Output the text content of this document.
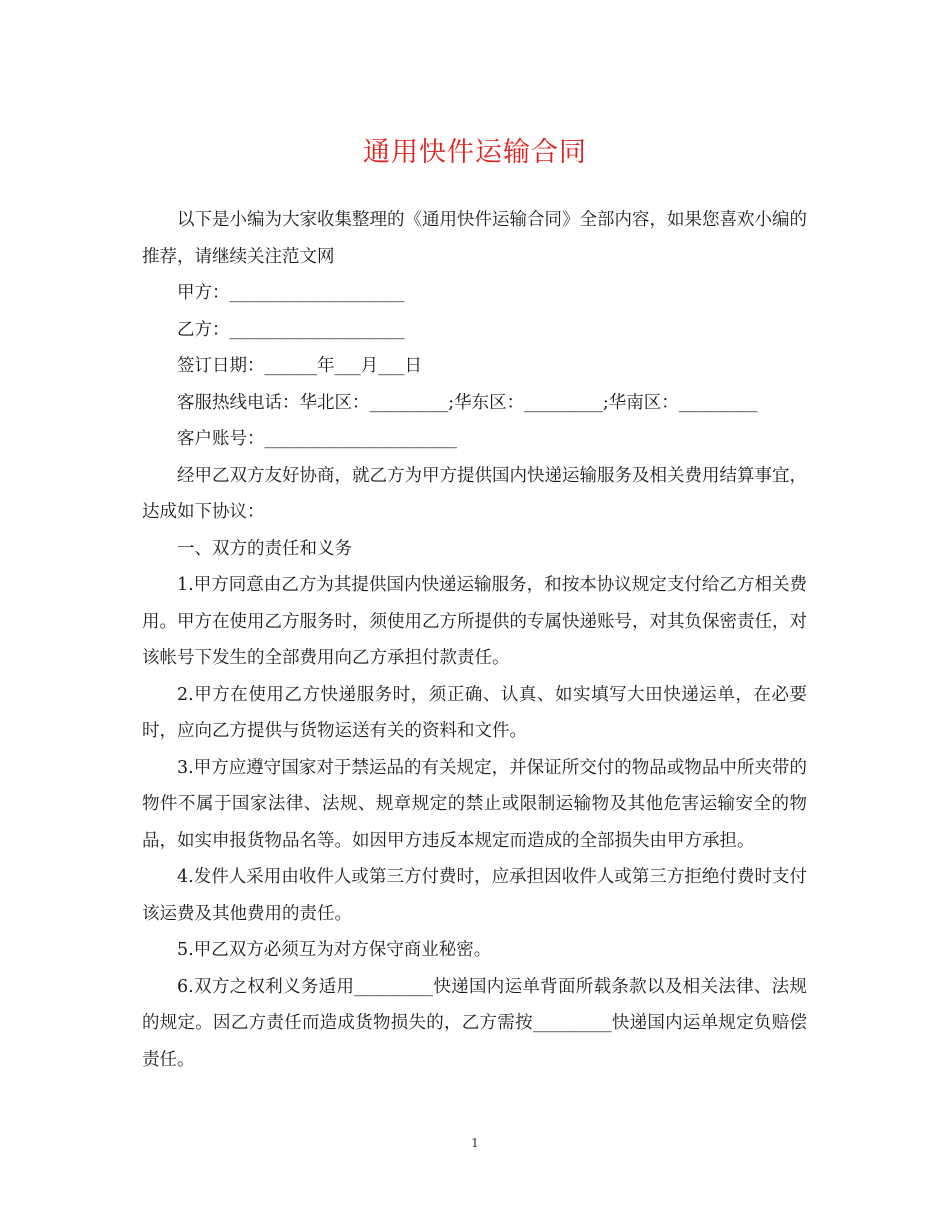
通用快件运输合同

以下是小编为大家收集整理的《通用快件运输合同》全部内容，如果您喜欢小编的推荐，请继续关注范文网

甲方：____________________

乙方：____________________

签订日期：______年___月___日

客服热线电话：华北区：_________;华东区：_________;华南区：_________

客户账号：______________________

经甲乙双方友好协商，就乙方为甲方提供国内快递运输服务及相关费用结算事宜，达成如下协议：

一、双方的责任和义务

1.甲方同意由乙方为其提供国内快递运输服务，和按本协议规定支付给乙方相关费用。甲方在使用乙方服务时，须使用乙方所提供的专属快递账号，对其负保密责任，对该帐号下发生的全部费用向乙方承担付款责任。

2.甲方在使用乙方快递服务时，须正确、认真、如实填写大田快递运单，在必要时，应向乙方提供与货物运送有关的资料和文件。

3.甲方应遵守国家对于禁运品的有关规定，并保证所交付的物品或物品中所夹带的物件不属于国家法律、法规、规章规定的禁止或限制运输物及其他危害运输安全的物品，如实申报货物品名等。如因甲方违反本规定而造成的全部损失由甲方承担。

4.发件人采用由收件人或第三方付费时，应承担因收件人或第三方拒绝付费时支付该运费及其他费用的责任。

5.甲乙双方必须互为对方保守商业秘密。

6.双方之权利义务适用_________快递国内运单背面所载条款以及相关法律、法规的规定。因乙方责任而造成货物损失的，乙方需按_________快递国内运单规定负赔偿责任。

1
